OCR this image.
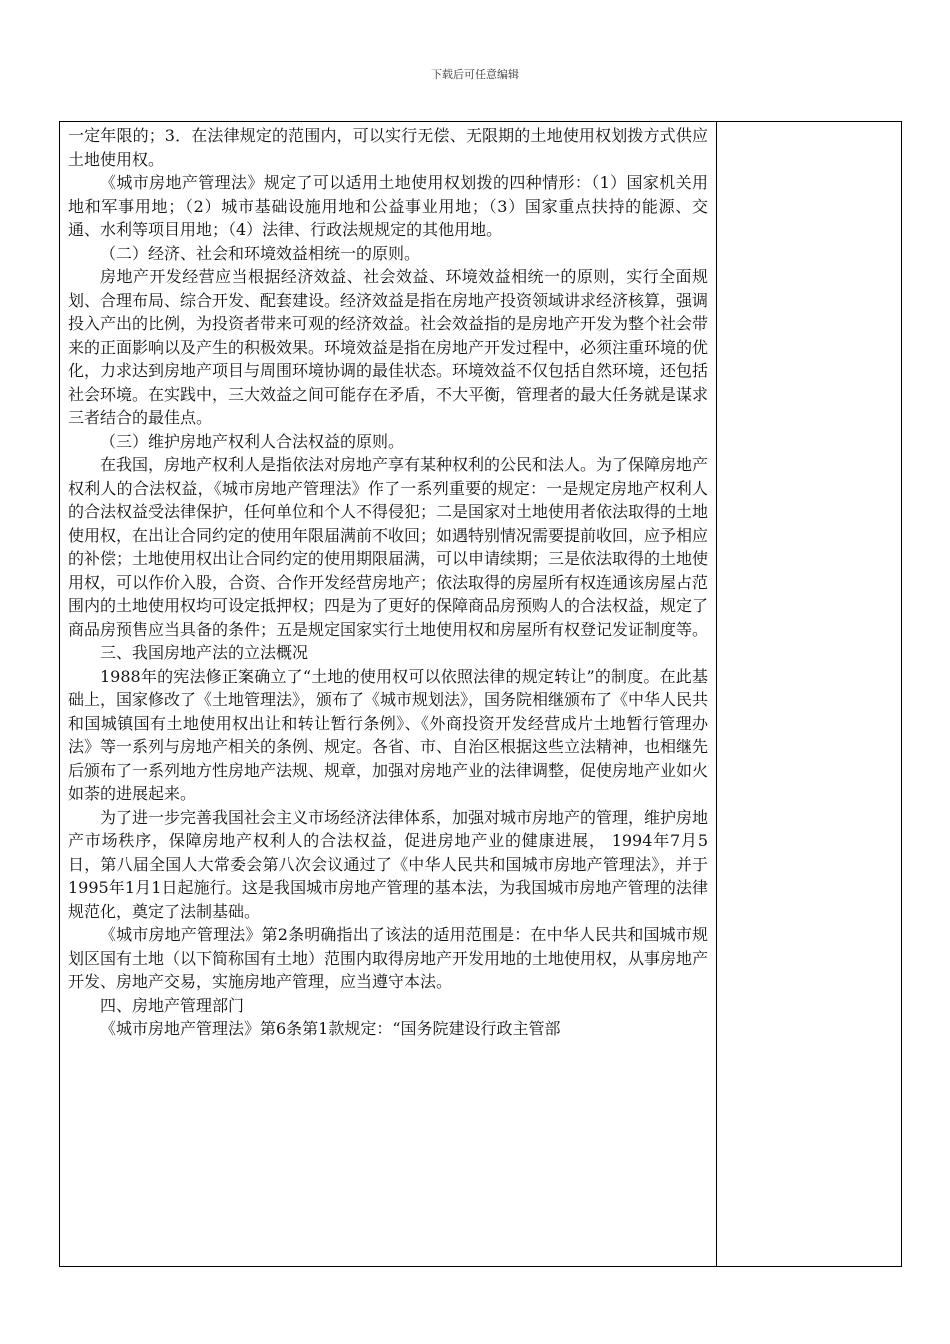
下载后可任意编辑

一定年限的；3．在法律规定的范围内，可以实行无偿、无限期的土地使用权划拨方式供应土地使用权。

《城市房地产管理法》规定了可以适用土地使用权划拨的四种情形：（1）国家机关用地和军事用地；（2）城市基础设施用地和公益事业用地；（3）国家重点扶持的能源、交通、水利等项目用地；（4）法律、行政法规规定的其他用地。

（二）经济、社会和环境效益相统一的原则。

房地产开发经营应当根据经济效益、社会效益、环境效益相统一的原则，实行全面规划、合理布局、综合开发、配套建设。经济效益是指在房地产投资领域讲求经济核算，强调投入产出的比例，为投资者带来可观的经济效益。社会效益指的是房地产开发为整个社会带来的正面影响以及产生的积极效果。环境效益是指在房地产开发过程中，必须注重环境的优化，力求达到房地产项目与周围环境协调的最佳状态。环境效益不仅包括自然环境，还包括社会环境。在实践中，三大效益之间可能存在矛盾，不大平衡，管理者的最大任务就是谋求三者结合的最佳点。

（三）维护房地产权利人合法权益的原则。

在我国，房地产权利人是指依法对房地产享有某种权利的公民和法人。为了保障房地产权利人的合法权益，《城市房地产管理法》作了一系列重要的规定：一是规定房地产权利人的合法权益受法律保护，任何单位和个人不得侵犯；二是国家对土地使用者依法取得的土地使用权，在出让合同约定的使用年限届满前不收回；如遇特别情况需要提前收回，应予相应的补偿；土地使用权出让合同约定的使用期限届满，可以申请续期；三是依法取得的土地使用权，可以作价入股，合资、合作开发经营房地产；依法取得的房屋所有权连通该房屋占范围内的土地使用权均可设定抵押权；四是为了更好的保障商品房预购人的合法权益，规定了商品房预售应当具备的条件；五是规定国家实行土地使用权和房屋所有权登记发证制度等。

三、我国房地产法的立法概况

1988年的宪法修正案确立了“土地的使用权可以依照法律的规定转让”的制度。在此基础上，国家修改了《土地管理法》，颁布了《城市规划法》，国务院相继颁布了《中华人民共和国城镇国有土地使用权出让和转让暂行条例》、《外商投资开发经营成片土地暂行管理办法》等一系列与房地产相关的条例、规定。各省、市、自治区根据这些立法精神，也相继先后颁布了一系列地方性房地产法规、规章，加强对房地产业的法律调整，促使房地产业如火如荼的进展起来。

为了进一步完善我国社会主义市场经济法律体系，加强对城市房地产的管理，维护房地产市场秩序，保障房地产权利人的合法权益，促进房地产业的健康进展， 1994年7月5日，第八届全国人大常委会第八次会议通过了《中华人民共和国城市房地产管理法》，并于1995年1月1日起施行。这是我国城市房地产管理的基本法，为我国城市房地产管理的法律规范化，奠定了法制基础。

《城市房地产管理法》第2条明确指出了该法的适用范围是：在中华人民共和国城市规划区国有土地（以下简称国有土地）范围内取得房地产开发用地的土地使用权，从事房地产开发、房地产交易，实施房地产管理，应当遵守本法。

四、房地产管理部门

《城市房地产管理法》第6条第1款规定：“国务院建设行政主管部
